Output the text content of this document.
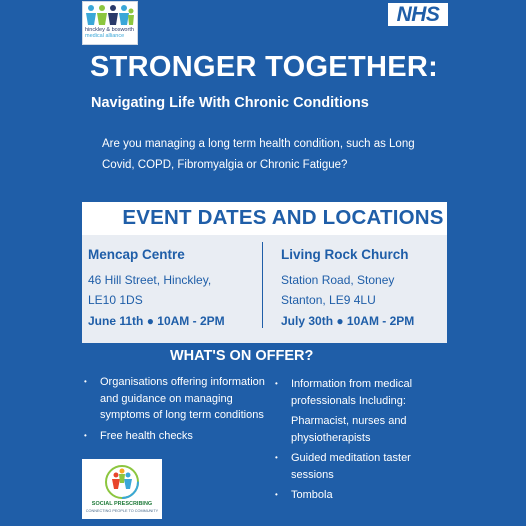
hinckley & bosworth
medical alliance
NHS
STRONGER TOGETHER:
Navigating Life With Chronic Conditions
Are you managing a long term health condition, such as Long Covid, COPD, Fibromyalgia or Chronic Fatigue?
EVENT DATES AND LOCATIONS
Mencap Centre
46 Hill Street, Hinckley,
LE10 1DS
June 11th ● 10AM - 2PM
Living Rock Church
Station Road, Stoney
Stanton, LE9 4LU
July 30th ● 10AM - 2PM
WHAT'S ON OFFER?
• Organisations offering information and guidance on managing symptoms of long term conditions
• Free health checks
• Information from medical professionals Including:
Pharmacist, nurses and physiotherapists
• Guided meditation taster sessions
• Tombola
SOCIAL PRESCRIBING
CONNECTING PEOPLE TO COMMUNITY
